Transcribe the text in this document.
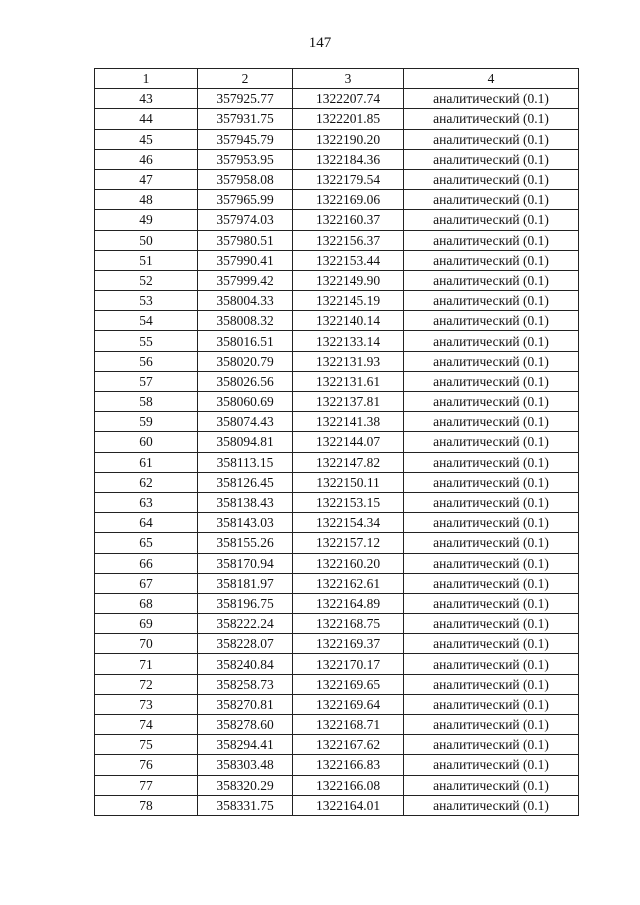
147
1	2	3	4
43	357925.77	1322207.74	аналитический (0.1)
44	357931.75	1322201.85	аналитический (0.1)
45	357945.79	1322190.20	аналитический (0.1)
46	357953.95	1322184.36	аналитический (0.1)
47	357958.08	1322179.54	аналитический (0.1)
48	357965.99	1322169.06	аналитический (0.1)
49	357974.03	1322160.37	аналитический (0.1)
50	357980.51	1322156.37	аналитический (0.1)
51	357990.41	1322153.44	аналитический (0.1)
52	357999.42	1322149.90	аналитический (0.1)
53	358004.33	1322145.19	аналитический (0.1)
54	358008.32	1322140.14	аналитический (0.1)
55	358016.51	1322133.14	аналитический (0.1)
56	358020.79	1322131.93	аналитический (0.1)
57	358026.56	1322131.61	аналитический (0.1)
58	358060.69	1322137.81	аналитический (0.1)
59	358074.43	1322141.38	аналитический (0.1)
60	358094.81	1322144.07	аналитический (0.1)
61	358113.15	1322147.82	аналитический (0.1)
62	358126.45	1322150.11	аналитический (0.1)
63	358138.43	1322153.15	аналитический (0.1)
64	358143.03	1322154.34	аналитический (0.1)
65	358155.26	1322157.12	аналитический (0.1)
66	358170.94	1322160.20	аналитический (0.1)
67	358181.97	1322162.61	аналитический (0.1)
68	358196.75	1322164.89	аналитический (0.1)
69	358222.24	1322168.75	аналитический (0.1)
70	358228.07	1322169.37	аналитический (0.1)
71	358240.84	1322170.17	аналитический (0.1)
72	358258.73	1322169.65	аналитический (0.1)
73	358270.81	1322169.64	аналитический (0.1)
74	358278.60	1322168.71	аналитический (0.1)
75	358294.41	1322167.62	аналитический (0.1)
76	358303.48	1322166.83	аналитический (0.1)
77	358320.29	1322166.08	аналитический (0.1)
78	358331.75	1322164.01	аналитический (0.1)
